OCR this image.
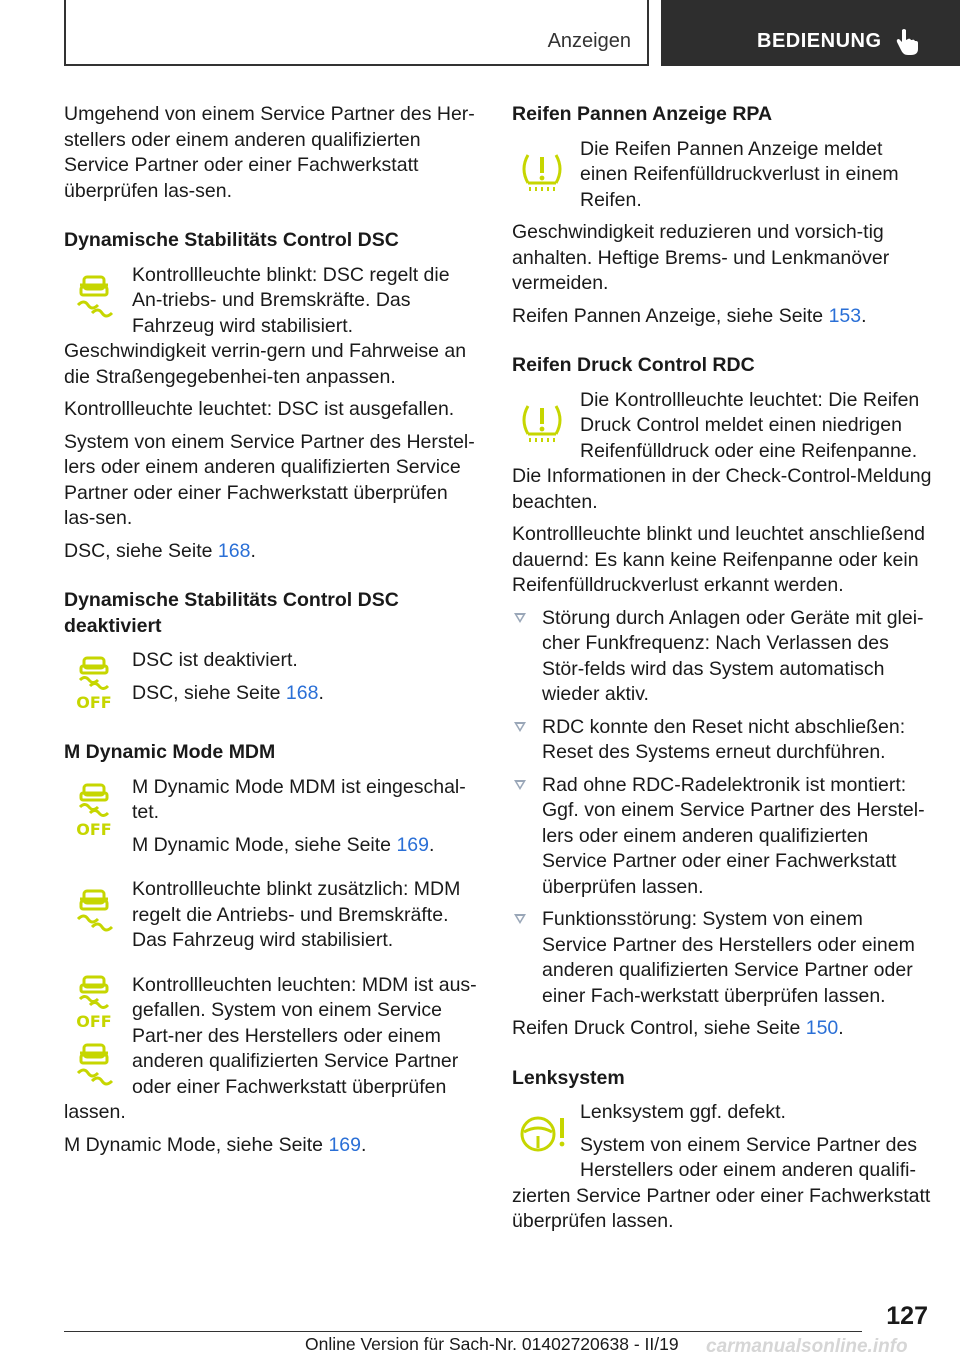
Anzeigen	BEDIENUNG

Umgehend von einem Service Partner des Her-stellers oder einem anderen qualifizierten Service Partner oder einer Fachwerkstatt überprüfen las-sen.

Dynamische Stabilitäts Control DSC

Kontrollleuchte blinkt: DSC regelt die An-triebs- und Bremskräfte. Das Fahrzeug wird stabilisiert. Geschwindigkeit verrin-gern und Fahrweise an die Straßengegebenhei-ten anpassen.

Kontrollleuchte leuchtet: DSC ist ausgefallen.

System von einem Service Partner des Herstel-lers oder einem anderen qualifizierten Service Partner oder einer Fachwerkstatt überprüfen las-sen.

DSC, siehe Seite 168.

Dynamische Stabilitäts Control DSC deaktiviert

DSC ist deaktiviert.

DSC, siehe Seite 168.

M Dynamic Mode MDM

M Dynamic Mode MDM ist eingeschal-tet.

M Dynamic Mode, siehe Seite 169.

Kontrollleuchte blinkt zusätzlich: MDM regelt die Antriebs- und Bremskräfte. Das Fahrzeug wird stabilisiert.

Kontrollleuchten leuchten: MDM ist aus-gefallen. System von einem Service Part-ner des Herstellers oder einem anderen qualifizierten Service Partner oder einer Fachwerkstatt überprüfen lassen.

M Dynamic Mode, siehe Seite 169.

Reifen Pannen Anzeige RPA

Die Reifen Pannen Anzeige meldet einen Reifenfülldruckverlust in einem Reifen.

Geschwindigkeit reduzieren und vorsich-tig anhalten. Heftige Brems- und Lenkmanöver vermeiden.

Reifen Pannen Anzeige, siehe Seite 153.

Reifen Druck Control RDC

Die Kontrollleuchte leuchtet: Die Reifen Druck Control meldet einen niedrigen Reifenfülldruck oder eine Reifenpanne. Die Informationen in der Check-Control-Meldung beachten.

Kontrollleuchte blinkt und leuchtet anschließend dauernd: Es kann keine Reifenpanne oder kein Reifenfülldruckverlust erkannt werden.

Störung durch Anlagen oder Geräte mit glei-cher Funkfrequenz: Nach Verlassen des Stör-felds wird das System automatisch wieder aktiv.
RDC konnte den Reset nicht abschließen: Reset des Systems erneut durchführen.
Rad ohne RDC-Radelektronik ist montiert: Ggf. von einem Service Partner des Herstel-lers oder einem anderen qualifizierten Service Partner oder einer Fachwerkstatt überprüfen lassen.
Funktionsstörung: System von einem Service Partner des Herstellers oder einem anderen qualifizierten Service Partner oder einer Fach-werkstatt überprüfen lassen.

Reifen Druck Control, siehe Seite 150.

Lenksystem

Lenksystem ggf. defekt.

System von einem Service Partner des Herstellers oder einem anderen qualifi-zierten Service Partner oder einer Fachwerkstatt überprüfen lassen.

127
Online Version für Sach-Nr. 01402720638 - II/19 carmanualsonline.info
